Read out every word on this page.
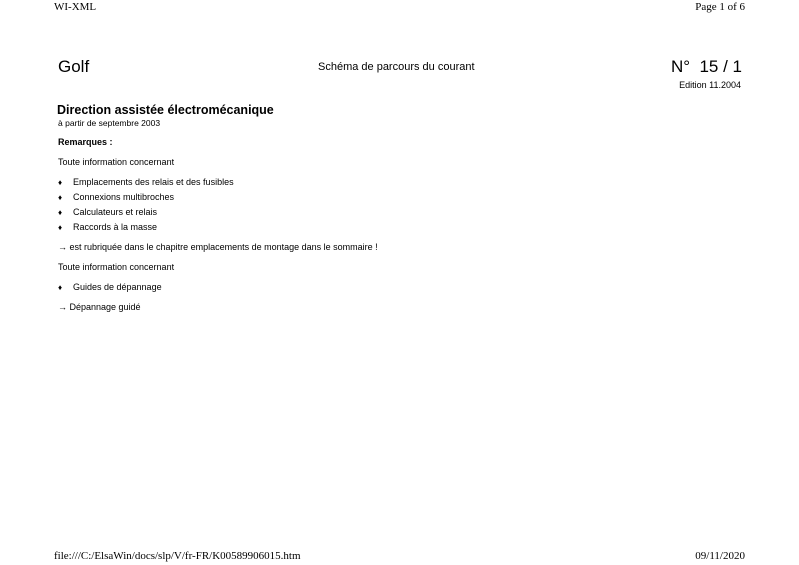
WI-XML	Page 1 of 6
Golf	Schéma de parcours du courant	N°  15 / 1
Edition 11.2004
Direction assistée électromécanique
à partir de septembre 2003
Remarques :
Toute information concernant
♦ Emplacements des relais et des fusibles
♦ Connexions multibroches
♦ Calculateurs et relais
♦ Raccords à la masse
→ est rubriquée dans le chapitre emplacements de montage dans le sommaire !
Toute information concernant
♦ Guides de dépannage
→ Dépannage guidé
file:///C:/ElsaWin/docs/slp/V/fr-FR/K00589906015.htm	09/11/2020
